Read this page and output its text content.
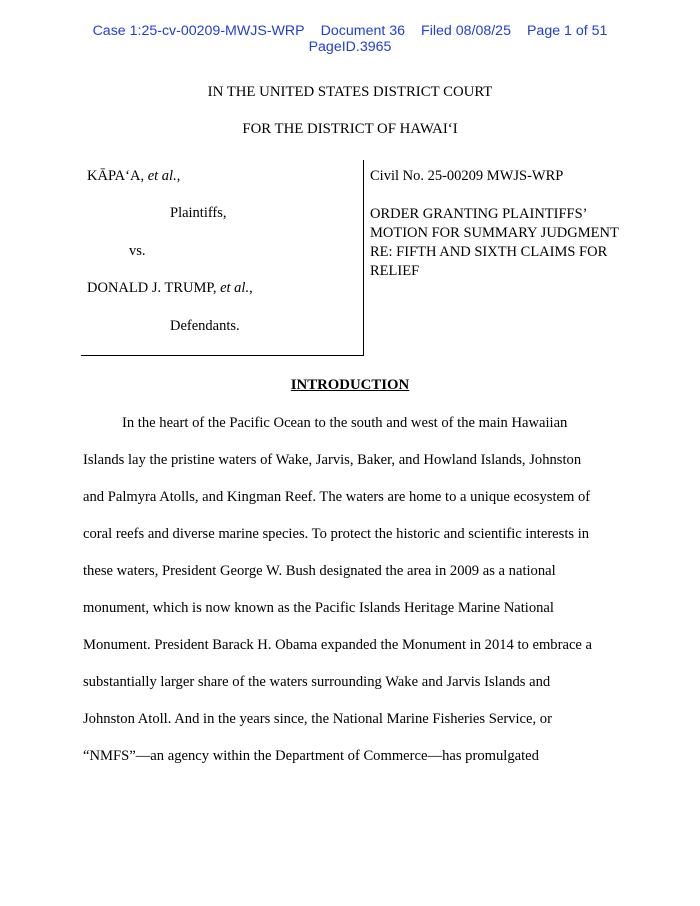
Case 1:25-cv-00209-MWJS-WRP Document 36 Filed 08/08/25 Page 1 of 51
PageID.3965
IN THE UNITED STATES DISTRICT COURT
FOR THE DISTRICT OF HAWAIʻI
KĀPAʻA, et al.,
Plaintiffs,
vs.
DONALD J. TRUMP, et al.,
Defendants.
Civil No. 25-00209 MWJS-WRP
ORDER GRANTING PLAINTIFFS’ MOTION FOR SUMMARY JUDGMENT RE: FIFTH AND SIXTH CLAIMS FOR RELIEF
INTRODUCTION
In the heart of the Pacific Ocean to the south and west of the main Hawaiian
Islands lay the pristine waters of Wake, Jarvis, Baker, and Howland Islands, Johnston
and Palmyra Atolls, and Kingman Reef. The waters are home to a unique ecosystem of
coral reefs and diverse marine species. To protect the historic and scientific interests in
these waters, President George W. Bush designated the area in 2009 as a national
monument, which is now known as the Pacific Islands Heritage Marine National
Monument. President Barack H. Obama expanded the Monument in 2014 to embrace a
substantially larger share of the waters surrounding Wake and Jarvis Islands and
Johnston Atoll. And in the years since, the National Marine Fisheries Service, or
“NMFS”—an agency within the Department of Commerce—has promulgated
